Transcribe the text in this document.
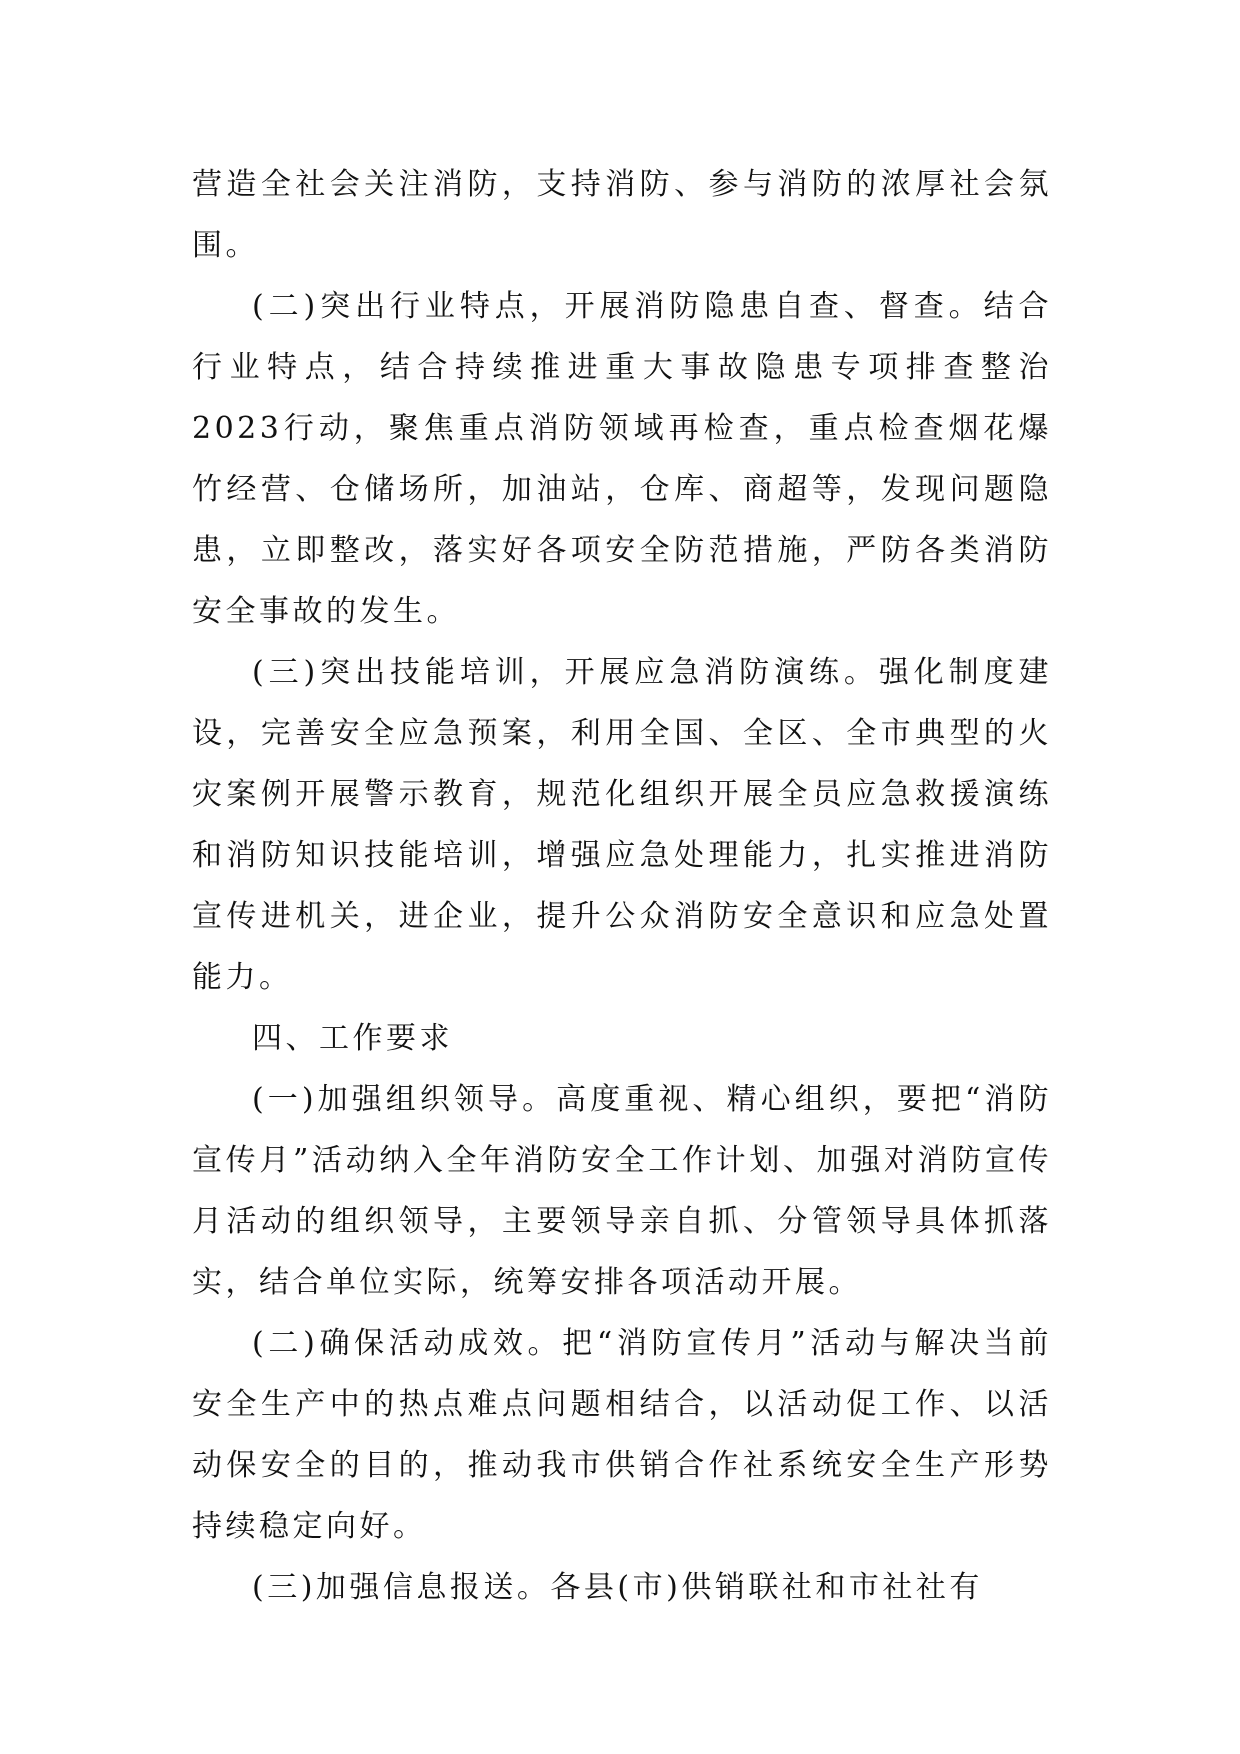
营造全社会关注消防，支持消防、参与消防的浓厚社会氛围。

(二)突出行业特点，开展消防隐患自查、督查。结合行业特点，结合持续推进重大事故隐患专项排查整治2023行动，聚焦重点消防领域再检查，重点检查烟花爆竹经营、仓储场所，加油站，仓库、商超等，发现问题隐患，立即整改，落实好各项安全防范措施，严防各类消防安全事故的发生。

(三)突出技能培训，开展应急消防演练。强化制度建设，完善安全应急预案，利用全国、全区、全市典型的火灾案例开展警示教育，规范化组织开展全员应急救援演练和消防知识技能培训，增强应急处理能力，扎实推进消防宣传进机关，进企业，提升公众消防安全意识和应急处置能力。

四、工作要求

(一)加强组织领导。高度重视、精心组织，要把“消防宣传月”活动纳入全年消防安全工作计划、加强对消防宣传月活动的组织领导，主要领导亲自抓、分管领导具体抓落实，结合单位实际，统筹安排各项活动开展。

(二)确保活动成效。把“消防宣传月”活动与解决当前安全生产中的热点难点问题相结合，以活动促工作、以活动保安全的目的，推动我市供销合作社系统安全生产形势持续稳定向好。

(三)加强信息报送。各县(市)供销联社和市社社有
